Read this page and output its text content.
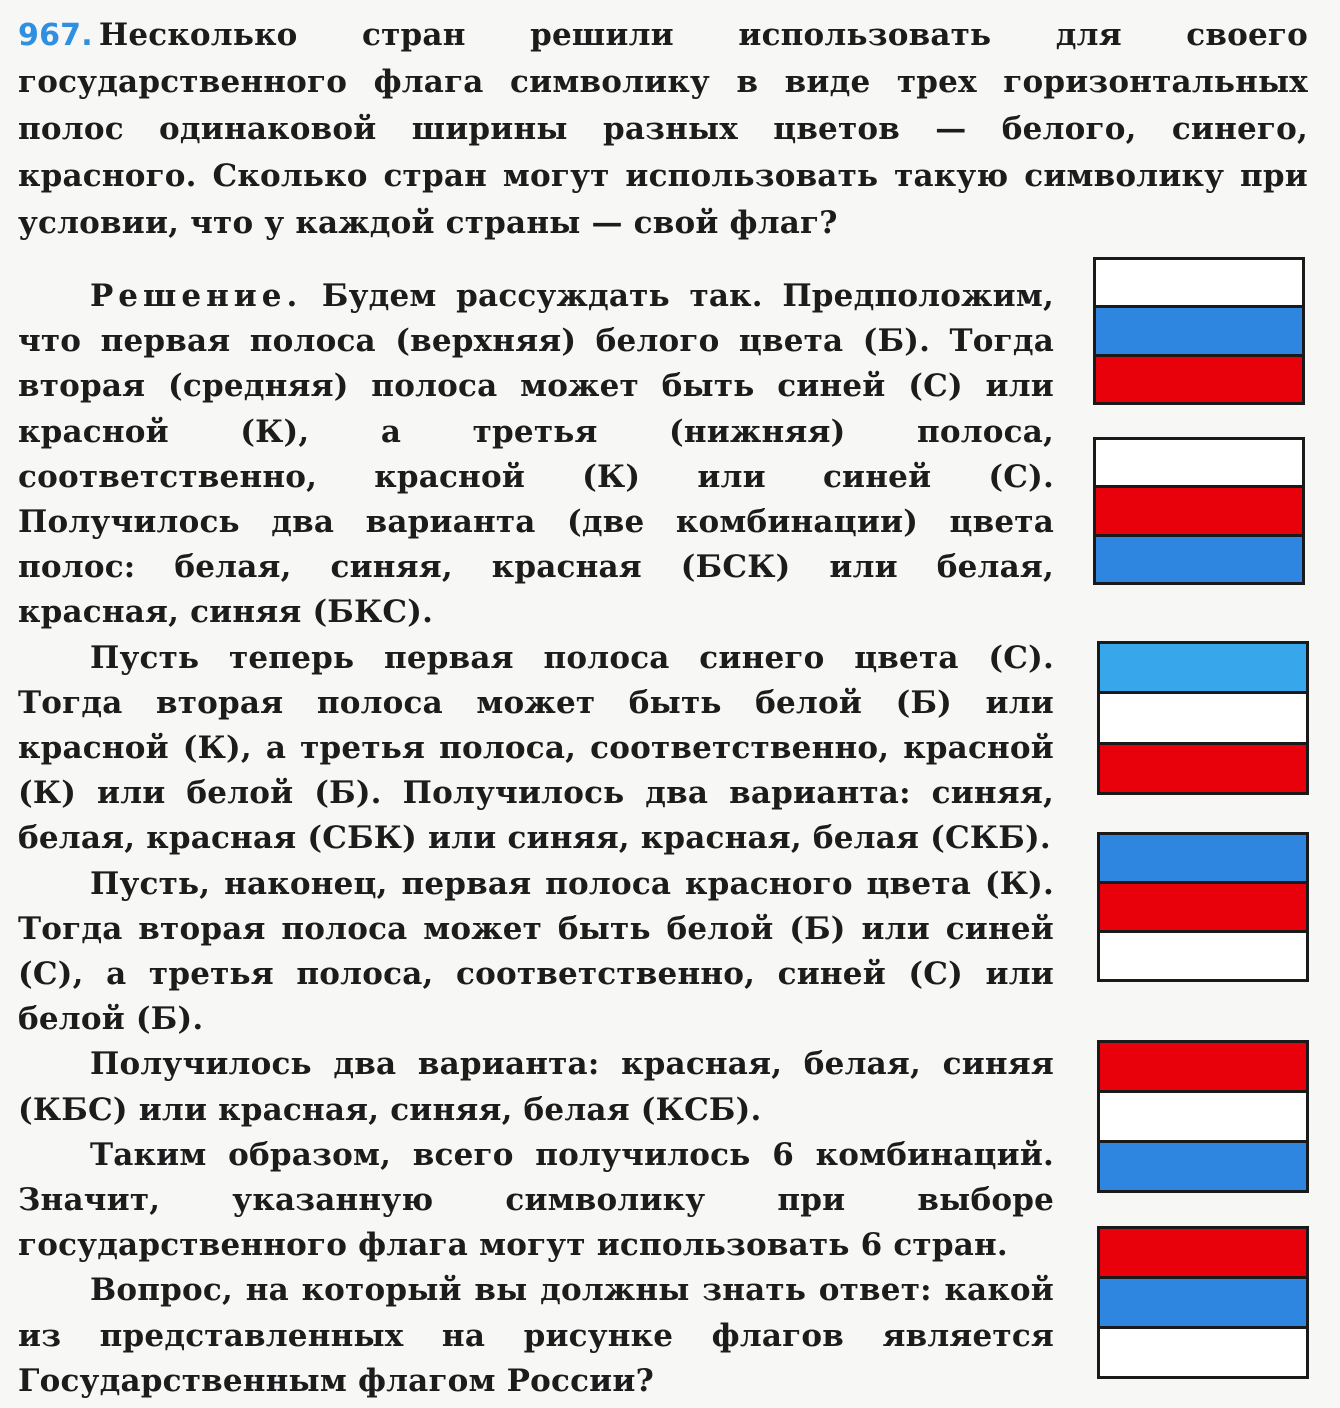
967. Несколько стран решили использовать для своего государственного флага символику в виде трех горизонтальных полос одинаковой ширины разных цветов — белого, синего, красного. Сколько стран могут использовать такую символику при условии, что у каждой страны — свой флаг?

Решение. Будем рассуждать так. Предположим, что первая полоса (верхняя) белого цвета (Б). Тогда вторая (средняя) полоса может быть синей (С) или красной (К), а третья (нижняя) полоса, соответственно, красной (К) или синей (С). Получилось два варианта (две комбинации) цвета полос: белая, синяя, красная (БСК) или белая, красная, синяя (БКС).

Пусть теперь первая полоса синего цвета (С). Тогда вторая полоса может быть белой (Б) или красной (К), а третья полоса, соответственно, красной (К) или белой (Б). Получилось два варианта: синяя, белая, красная (СБК) или синяя, красная, белая (СКБ).

Пусть, наконец, первая полоса красного цвета (К). Тогда вторая полоса может быть белой (Б) или синей (С), а третья полоса, соответственно, синей (С) или белой (Б).

Получилось два варианта: красная, белая, синяя (КБС) или красная, синяя, белая (КСБ).

Таким образом, всего получилось 6 комбинаций. Значит, указанную символику при выборе государственного флага могут использовать 6 стран.

Вопрос, на который вы должны знать ответ: какой из представленных на рисунке флагов является Государственным флагом России?
